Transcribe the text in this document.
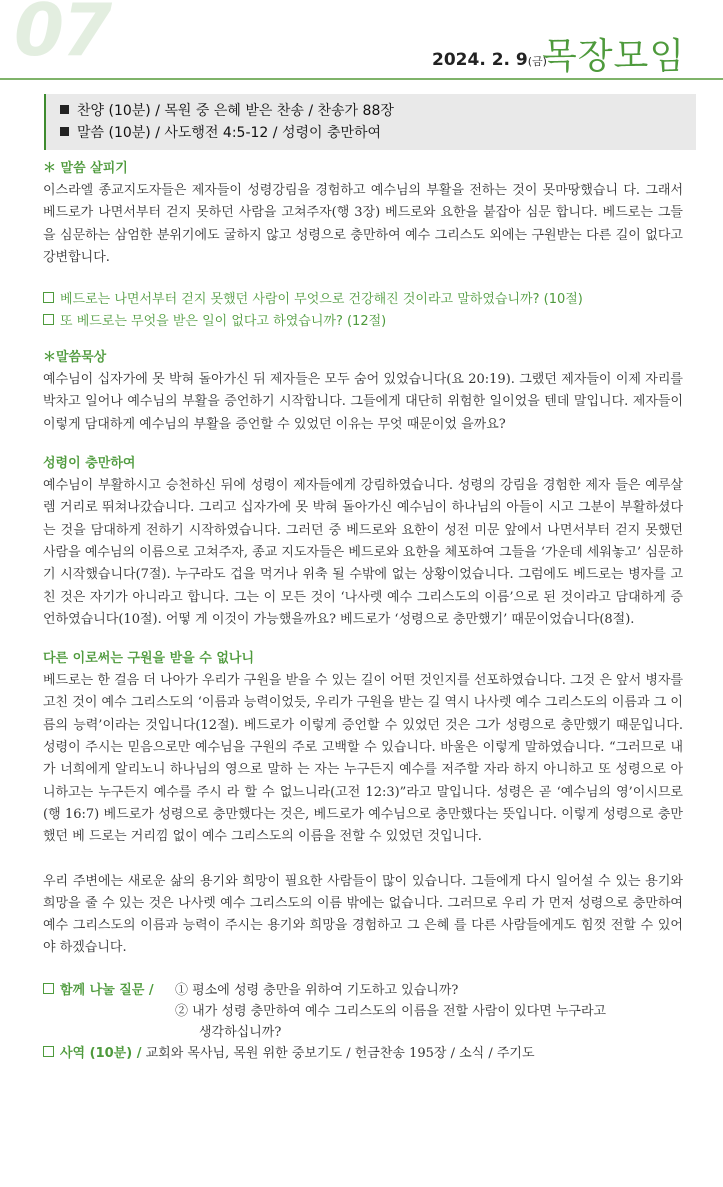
07	2024. 2. 9(금)
목장모임
찬양 (10분) / 목원 중 은혜 받은 찬송 / 찬송가 88장
말씀 (10분) / 사도행전 4:5-12 / 성령이 충만하여
＊ 말씀 살피기

이스라엘 종교지도자들은 제자들이 성령강림을 경험하고 예수님의 부활을 전하는 것이 못마땅했습니 다. 그래서 베드로가 나면서부터 걷지 못하던 사람을 고쳐주자(행 3장) 베드로와 요한을 붙잡아 심문 합니다. 베드로는 그들을 심문하는 삼엄한 분위기에도 굴하지 않고 성령으로 충만하여 예수 그리스도 외에는 구원받는 다른 길이 없다고 강변합니다.

베드로는 나면서부터 걷지 못했던 사람이 무엇으로 건강해진 것이라고 말하였습니까? (10절)
또 베드로는 무엇을 받은 일이 없다고 하였습니까? (12절)
＊말씀묵상

예수님이 십자가에 못 박혀 돌아가신 뒤 제자들은 모두 숨어 있었습니다(요 20:19). 그랬던 제자들이 이제 자리를 박차고 일어나 예수님의 부활을 증언하기 시작합니다. 그들에게 대단히 위험한 일이었을 텐데 말입니다. 제자들이 이렇게 담대하게 예수님의 부활을 증언할 수 있었던 이유는 무엇 때문이었 을까요?

성령이 충만하여

예수님이 부활하시고 승천하신 뒤에 성령이 제자들에게 강림하였습니다. 성령의 강림을 경험한 제자 들은 예루살렘 거리로 뛰쳐나갔습니다. 그리고 십자가에 못 박혀 돌아가신 예수님이 하나님의 아들이 시고 그분이 부활하셨다는 것을 담대하게 전하기 시작하였습니다. 그러던 중 베드로와 요한이 성전 미문 앞에서 나면서부터 걷지 못했던 사람을 예수님의 이름으로 고쳐주자, 종교 지도자들은 베드로와 요한을 체포하여 그들을 ‘가운데 세워놓고’ 심문하기 시작했습니다(7절). 누구라도 겁을 먹거나 위축 될 수밖에 없는 상황이었습니다. 그럼에도 베드로는 병자를 고친 것은 자기가 아니라고 합니다. 그는 이 모든 것이 ‘나사렛 예수 그리스도의 이름’으로 된 것이라고 담대하게 증언하였습니다(10절). 어떻 게 이것이 가능했을까요? 베드로가 ‘성령으로 충만했기’ 때문이었습니다(8절).

다른 이로써는 구원을 받을 수 없나니

베드로는 한 걸음 더 나아가 우리가 구원을 받을 수 있는 길이 어떤 것인지를 선포하였습니다. 그것 은 앞서 병자를 고친 것이 예수 그리스도의 ‘이름과 능력이었듯, 우리가 구원을 받는 길 역시 나사렛 예수 그리스도의 이름과 그 이름의 능력’이라는 것입니다(12절). 베드로가 이렇게 증언할 수 있었던 것은 그가 성령으로 충만했기 때문입니다. 성령이 주시는 믿음으로만 예수님을 구원의 주로 고백할 수 있습니다. 바울은 이렇게 말하였습니다. “그러므로 내가 너희에게 알리노니 하나님의 영으로 말하 는 자는 누구든지 예수를 저주할 자라 하지 아니하고 또 성령으로 아니하고는 누구든지 예수를 주시 라 할 수 없느니라(고전 12:3)”라고 말입니다. 성령은 곧 ‘예수님의 영’이시므로(행 16:7) 베드로가 성령으로 충만했다는 것은, 베드로가 예수님으로 충만했다는 뜻입니다. 이렇게 성령으로 충만했던 베 드로는 거리낌 없이 예수 그리스도의 이름을 전할 수 있었던 것입니다.

우리 주변에는 새로운 삶의 용기와 희망이 필요한 사람들이 많이 있습니다. 그들에게 다시 일어설 수 있는 용기와 희망을 줄 수 있는 것은 나사렛 예수 그리스도의 이름 밖에는 없습니다. 그러므로 우리 가 먼저 성령으로 충만하여 예수 그리스도의 이름과 능력이 주시는 용기와 희망을 경험하고 그 은혜 를 다른 사람들에게도 힘껏 전할 수 있어야 하겠습니다.

함께 나눌 질문 / ① 평소에 성령 충만을 위하여 기도하고 있습니까?
② 내가 성령 충만하여 예수 그리스도의 이름을 전할 사람이 있다면 누구라고
생각하십니까?
사역 (10분) / 교회와 목사님, 목원 위한 중보기도 / 헌금찬송 195장 / 소식 / 주기도
